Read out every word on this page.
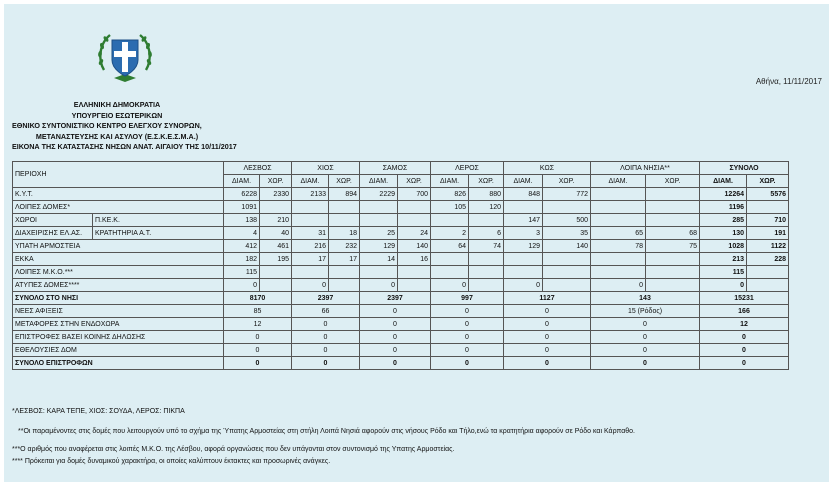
Αθήνα, 11/11/2017
ΕΛΛΗΝΙΚΗ ΔΗΜΟΚΡΑΤΙΑ
ΥΠΟΥΡΓΕΙΟ ΕΣΩΤΕΡΙΚΩΝ
ΕΘΝΙΚΟ ΣΥΝΤΟΝΙΣΤΙΚΟ ΚΕΝΤΡΟ ΕΛΕΓΧΟΥ ΣΥΝΟΡΩΝ,
ΜΕΤΑΝΑΣΤΕΥΣΗΣ ΚΑΙ ΑΣΥΛΟΥ (Ε.Σ.Κ.Ε.Σ.Μ.Α.)
ΕΙΚΟΝΑ ΤΗΣ ΚΑΤΑΣΤΑΣΗΣ ΝΗΣΩΝ ΑΝΑΤ. ΑΙΓΑΙΟΥ ΤΗΣ 10/11/2017
ΠΕΡΙΟΧΗ		ΛΕΣΒΟΣ		ΧΙΟΣ		ΣΑΜΟΣ		ΛΕΡΟΣ		ΚΩΣ		ΛΟΙΠΑ ΝΗΣΙΑ**		ΣΥΝΟΛΟ	
		ΔΙΑΜ.	ΧΩΡ.	ΔΙΑΜ.	ΧΩΡ.	ΔΙΑΜ.	ΧΩΡ.	ΔΙΑΜ.	ΧΩΡ.	ΔΙΑΜ.	ΧΩΡ.	ΔΙΑΜ.	ΧΩΡ.	ΔΙΑΜ.	ΧΩΡ.
Κ.Υ.Τ.		6228	2330	2133	894	2229	700	826	880	848	772			12264	5576
ΛΟΙΠΕΣ ΔΟΜΕΣ*		1091						105	120					1196	
ΧΩΡΟΙ	Π.ΚΕ.Κ.	138	210							147	500			285	710
ΔΙΑΧΕΙΡΙΣΗΣ ΕΛ.ΑΣ.	ΚΡΑΤΗΤΗΡΙΑ Α.Τ.	4	40	31	18	25	24	2	6	3	35	65	68	130	191
ΥΠΑΤΗ ΑΡΜΟΣΤΕΙΑ		412	461	216	232	129	140	64	74	129	140	78	75	1028	1122
ΕΚΚΑ		182	195	17	17	14	16							213	228
ΛΟΙΠΕΣ Μ.Κ.Ο.***		115												115	
ΑΤΥΠΕΣ ΔΟΜΕΣ****		0		0		0		0		0		0		0	
ΣΥΝΟΛΟ ΣΤΟ ΝΗΣΙ		8170		2397		2397		997		1127		143		15231	
ΝΕΕΣ ΑΦΙΞΕΙΣ		85		66		0		0		0		15 (Ρόδος)		166	
ΜΕΤΑΦΟΡΕΣ ΣΤΗΝ ΕΝΔΟΧΩΡΑ		12		0		0		0		0		0		12	
ΕΠΙΣΤΡΟΦΕΣ ΒΑΣΕΙ ΚΟΙΝΗΣ ΔΗΛΩΣΗΣ		0		0		0		0		0		0		0	
ΕΘΕΛΟΥΣΙΕΣ ΔΟΜ		0		0		0		0		0		0		0	
ΣΥΝΟΛΟ ΕΠΙΣΤΡΟΦΩΝ		0		0		0		0		0		0		0	
*ΛΕΣΒΟΣ: ΚΑΡΑ ΤΕΠΕ, ΧΙΟΣ: ΣΟΥΔΑ, ΛΕΡΟΣ: ΠΙΚΠΑ
**Οι παραμένοντες στις δομές που λειτουργούν υπό το σχήμα της Ύπατης Αρμοστείας στη στήλη Λοιπά Νησιά αφορούν στις νήσους Ρόδο και Τήλο,ενώ τα κρατητήρια αφορούν σε Ρόδο και Κάρπαθο.
***Ο αριθμός που αναφέρεται στις λοιπές Μ.Κ.Ο. της Λέσβου, αφορά οργανώσεις που δεν υπάγονται στον συντονισμό της Υπατης Αρμοστείας.
**** Πρόκειται για δομές δυναμικού χαρακτήρα, οι οποίες καλύπτουν έκτακτες και προσωρινές ανάγκες.
